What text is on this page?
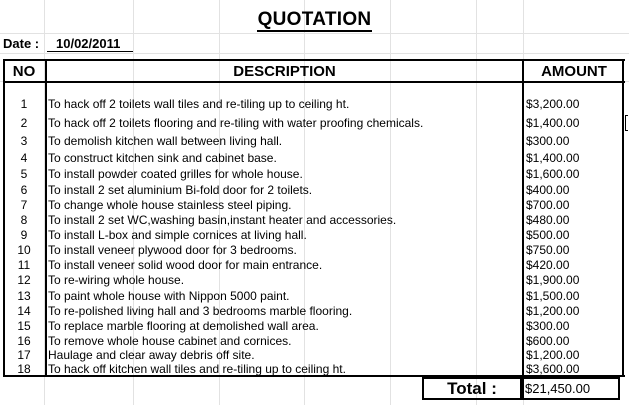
QUOTATION
Date :	10/02/2011
NO	DESCRIPTION	AMOUNT
1	To hack off 2 toilets wall tiles and re-tiling up to ceiling ht.	$3,200.00
2	To hack off 2 toilets flooring and re-tiling with water proofing chemicals.	$1,400.00
3	To demolish kitchen wall between living hall.	$300.00
4	To construct kitchen sink and cabinet base.	$1,400.00
5	To install powder coated grilles for whole house.	$1,600.00
6	To install 2 set aluminium Bi-fold door for 2 toilets.	$400.00
7	To change whole house stainless steel piping.	$700.00
8	To install 2 set WC,washing basin,instant heater and accessories.	$480.00
9	To install L-box and simple cornices at living hall.	$500.00
10	To install veneer plywood door for 3 bedrooms.	$750.00
11	To install veneer solid wood door for main entrance.	$420.00
12	To re-wiring whole house.	$1,900.00
13	To paint whole house with Nippon 5000 paint.	$1,500.00
14	To re-polished living hall and 3 bedrooms marble flooring.	$1,200.00
15	To replace marble flooring at demolished wall area.	$300.00
16	To remove whole house cabinet and cornices.	$600.00
17	Haulage and clear away debris off site.	$1,200.00
18	To hack off kitchen wall tiles and re-tiling up to ceiling ht.	$3,600.00
Total :	$21,450.00
